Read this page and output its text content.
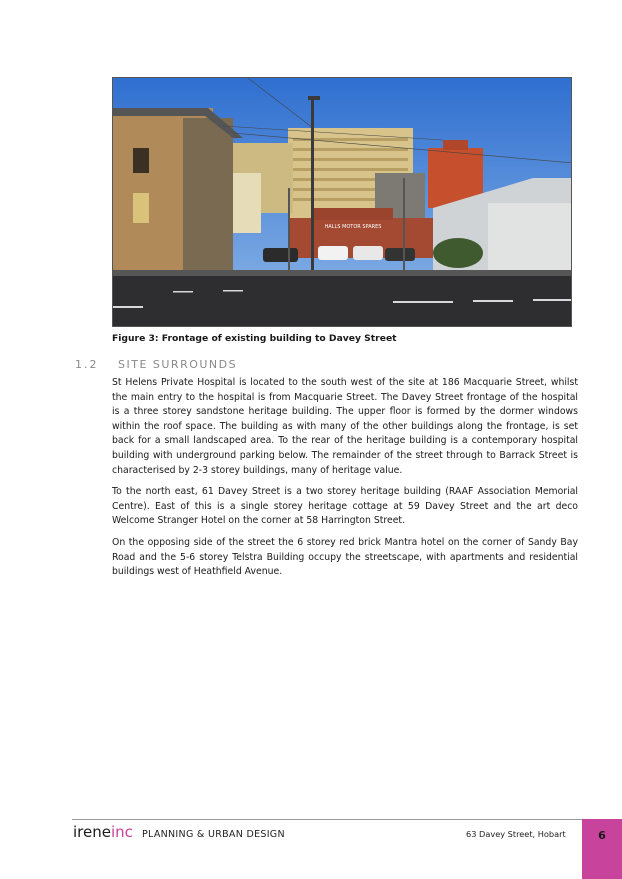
HALLS MOTOR SPARES
Figure 3: Frontage of existing building to Davey Street
1.2 SITE SURROUNDS

St Helens Private Hospital is located to the south west of the site at 186 Macquarie Street, whilst the main entry to the hospital is from Macquarie Street. The Davey Street frontage of the hospital is a three storey sandstone heritage building. The upper floor is formed by the dormer windows within the roof space. The building as with many of the other buildings along the frontage, is set back for a small landscaped area. To the rear of the heritage building is a contemporary hospital building with underground parking below. The remainder of the street through to Barrack Street is characterised by 2-3 storey buildings, many of heritage value.

To the north east, 61 Davey Street is a two storey heritage building (RAAF Association Memorial Centre). East of this is a single storey heritage cottage at 59 Davey Street and the art deco Welcome Stranger Hotel on the corner at 58 Harrington Street.

On the opposing side of the street the 6 storey red brick Mantra hotel on the corner of Sandy Bay Road and the 5-6 storey Telstra Building occupy the streetscape, with apartments and residential buildings west of Heathfield Avenue.

ireneinc PLANNING & URBAN DESIGN	63 Davey Street, Hobart	6
